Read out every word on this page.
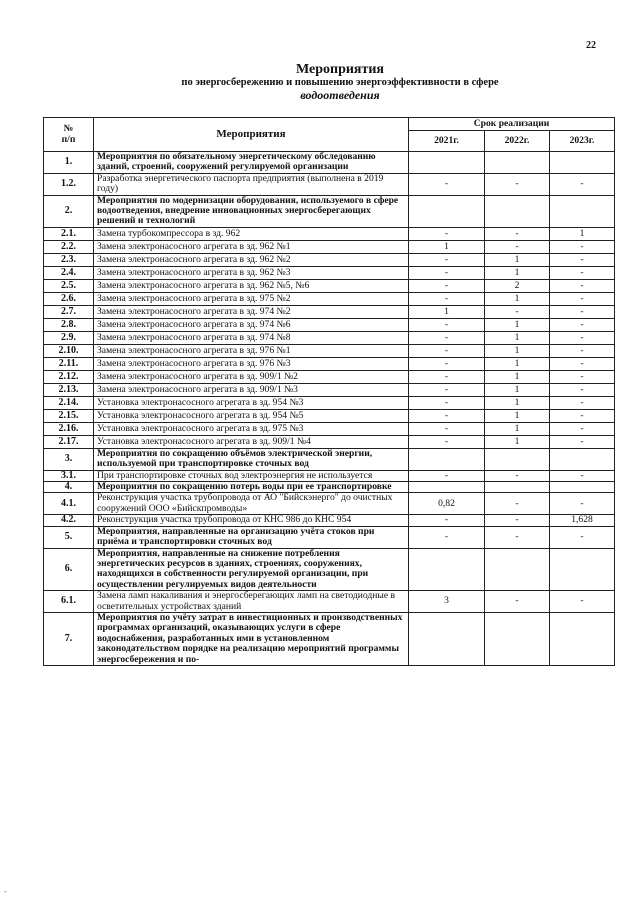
22
Мероприятия
по энергосбережению и повышению энергоэффективности в сфере
водоотведения
№
п/п	Мероприятия	Срок реализации		
		2021г.	2022г.	2023г.
1.	Мероприятия по обязательному энергетическому обследованию зданий, строений, сооружений регулируемой организации			
1.2.	Разработка энергетического паспорта предприятия (выполнена в 2019 году)	-	-	-
2.	Мероприятия по модернизации оборудования, используемого в сфере водоотведения, внедрение инновационных энергосберегающих решений и технологий			
2.1.	Замена турбокомпрессора в зд. 962	-	-	1
2.2.	Замена электронасосного агрегата в зд. 962 №1	1	-	-
2.3.	Замена электронасосного агрегата в зд. 962 №2	-	1	-
2.4.	Замена электронасосного агрегата в зд. 962 №3	-	1	-
2.5.	Замена электронасосного агрегата в зд. 962 №5, №6	-	2	-
2.6.	Замена электронасосного агрегата в зд. 975 №2	-	1	-
2.7.	Замена электронасосного агрегата в зд. 974 №2	1	-	-
2.8.	Замена электронасосного агрегата в зд. 974 №6	-	1	-
2.9.	Замена электронасосного агрегата в зд. 974 №8	-	1	-
2.10.	Замена электронасосного агрегата в зд. 976 №1	-	1	-
2.11.	Замена электронасосного агрегата в зд. 976 №3	-	1	-
2.12.	Замена электронасосного агрегата в зд. 909/1 №2	-	1	-
2.13.	Замена электронасосного агрегата в зд. 909/1 №3	-	1	-
2.14.	Установка электронасосного агрегата в зд. 954 №3	-	1	-
2.15.	Установка электронасосного агрегата в зд. 954 №5	-	1	-
2.16.	Установка электронасосного агрегата в зд. 975 №3	-	1	-
2.17.	Установка электронасосного агрегата в зд. 909/1 №4	-	1	-
3.	Мероприятия по сокращению объёмов электрической энергии, используемой при транспортировке сточных вод			
3.1.	При транспортировке сточных вод электроэнергия не используется	-	-	-
4.	Мероприятия по сокращению потерь воды при ее транспортировке			
4.1.	Реконструкция участка трубопровода от АО "Бийскэнерго" до очистных сооружений ООО «Бийскпромводы»	0,82	-	-
4.2.	Реконструкция участка трубопровода от КНС 986 до КНС 954	-	-	1,628
5.	Мероприятия, направленные на организацию учёта стоков при приёма и транспортировки сточных вод	-	-	-
6.	Мероприятия, направленные на снижение потребления энергетических ресурсов в зданиях, строениях, сооружениях, находящихся в собственности регулируемой организации, при осуществлении регулируемых видов деятельности			
6.1.	Замена ламп накаливания и энергосберегающих ламп на светодиодные в осветительных устройствах зданий	3	-	-
7.	Мероприятия по учёту затрат в инвестиционных и производственных программах организаций, оказывающих услуги в сфере водоснабжения, разработанных ими в установленном законодательством порядке на реализацию мероприятий программы энергосбережения и по-			
-
